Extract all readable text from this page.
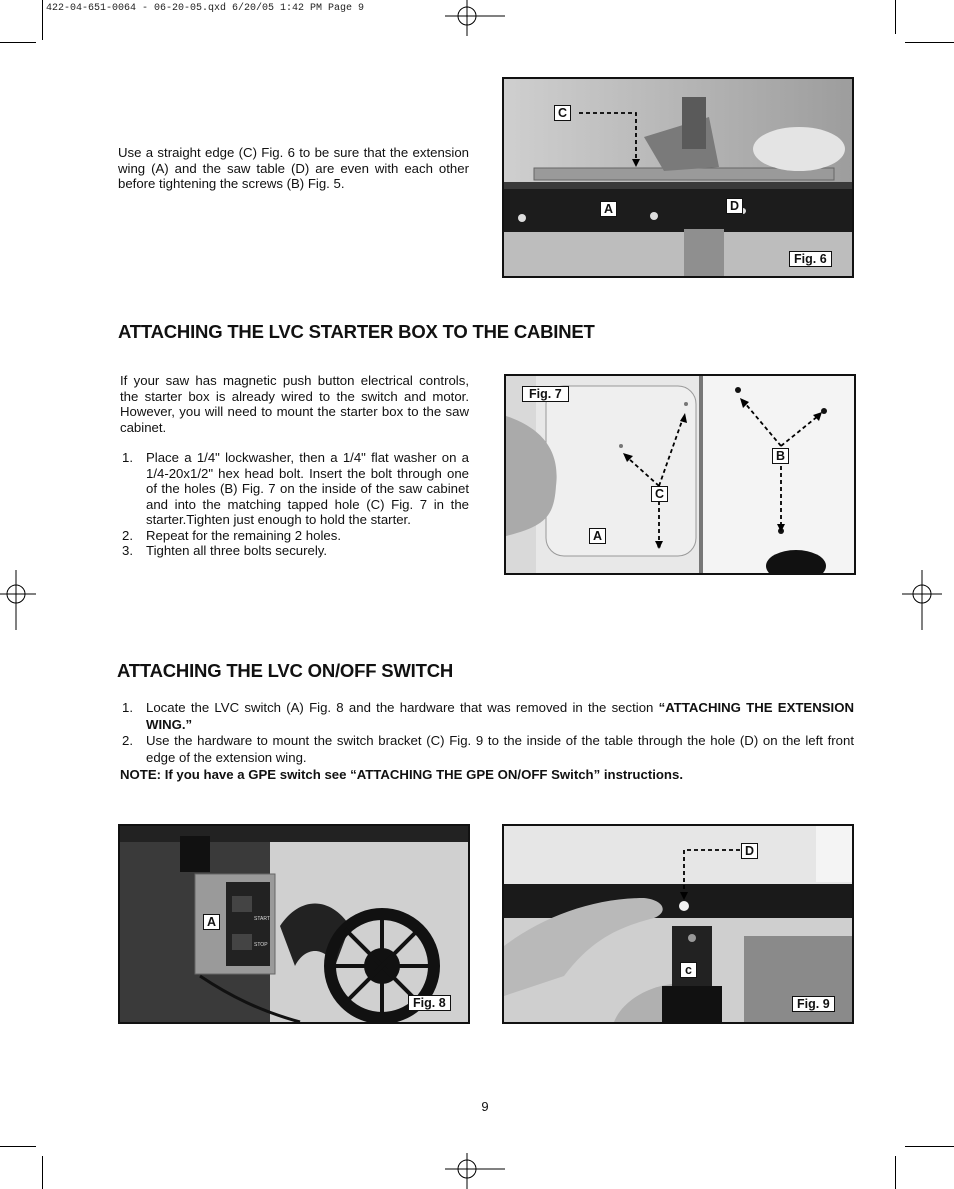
422-04-651-0064 - 06-20-05.qxd 6/20/05 1:42 PM Page 9
Use a straight edge (C) Fig. 6 to be sure that the extension wing (A) and the saw table (D) are even with each other before tightening the screws (B) Fig. 5.
C
A	D
Fig. 6
ATTACHING THE LVC STARTER BOX TO THE CABINET
If your saw has magnetic push button electrical controls, the starter box is already wired to the switch and motor. However, you will need to mount the starter box to the saw cabinet.
1. Place a 1/4" lockwasher, then a 1/4" flat washer on a 1/4-20x1/2" hex head bolt. Insert the bolt through one of the holes (B) Fig. 7 on the inside of the saw cabinet and into the matching tapped hole (C) Fig. 7 in the starter.Tighten just enough to hold the starter.
2. Repeat for the remaining 2 holes.
3. Tighten all three bolts securely.
Fig. 7
B
C
A
ATTACHING THE LVC ON/OFF SWITCH
1. Locate the LVC switch (A) Fig. 8 and the hardware that was removed in the section “ATTACHING THE EXTENSION WING.”
2. Use the hardware to mount the switch bracket (C) Fig. 9 to the inside of the table through the hole (D) on the left front edge of the extension wing.
NOTE: If you have a GPE switch see “ATTACHING THE GPE ON/OFF Switch” instructions.
START
STOP
A
Fig. 8
D
c
Fig. 9
9
